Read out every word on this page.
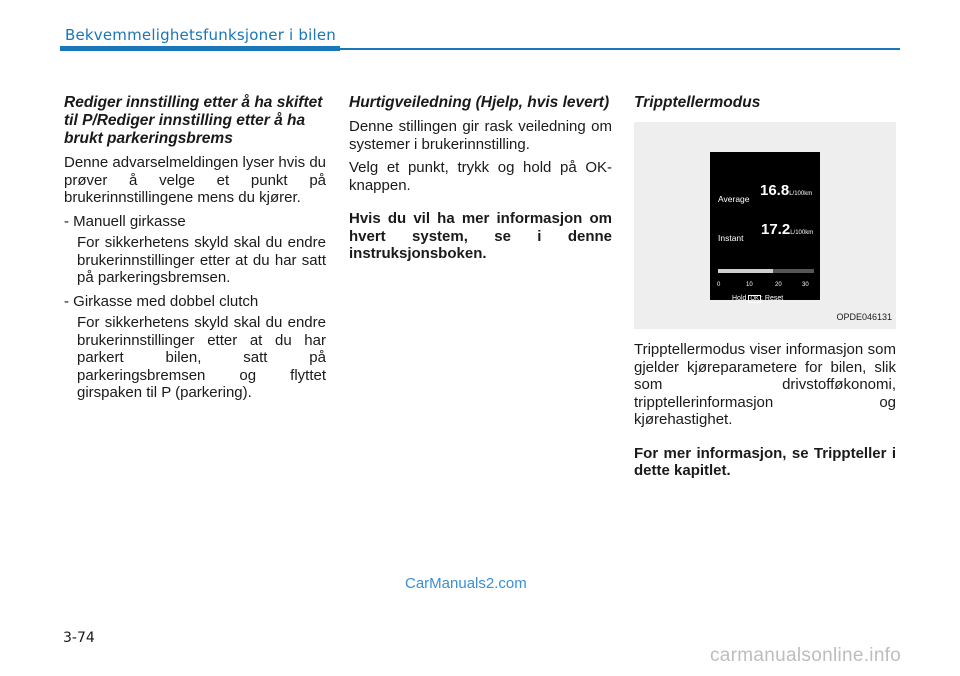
Bekvemmelighetsfunksjoner i bilen
Rediger innstilling etter å ha skiftet til P/Rediger innstilling etter å ha brukt parkeringsbrems

Denne advarselmeldingen lyser hvis du prøver å velge et punkt på brukerinnstillingene mens du kjører.

- Manuell girkasse
For sikkerhetens skyld skal du endre brukerinnstillinger etter at du har satt på parkeringsbremsen.
- Girkasse med dobbel clutch
For sikkerhetens skyld skal du endre brukerinnstillinger etter at du har parkert bilen, satt på parkeringsbremsen og flyttet girspaken til P (parkering).
Hurtigveiledning (Hjelp, hvis levert)

Denne stillingen gir rask veiledning om systemer i brukerinnstilling.

Velg et punkt, trykk og hold på OK-knappen.

Hvis du vil ha mer informasjon om hvert system, se i denne instruksjonsboken.
Tripptellermodus
Average 16.8L/100km
Instant 17.2L/100km
0	10	20	30
Hold OK : Reset
OPDE046131

Tripptellermodus viser informasjon som gjelder kjøreparametere for bilen, slik som drivstofføkonomi, tripptellerinformasjon og kjørehastighet.

For mer informasjon, se Trippteller i dette kapitlet.
CarManuals2.com
3-74
carmanualsonline.info
